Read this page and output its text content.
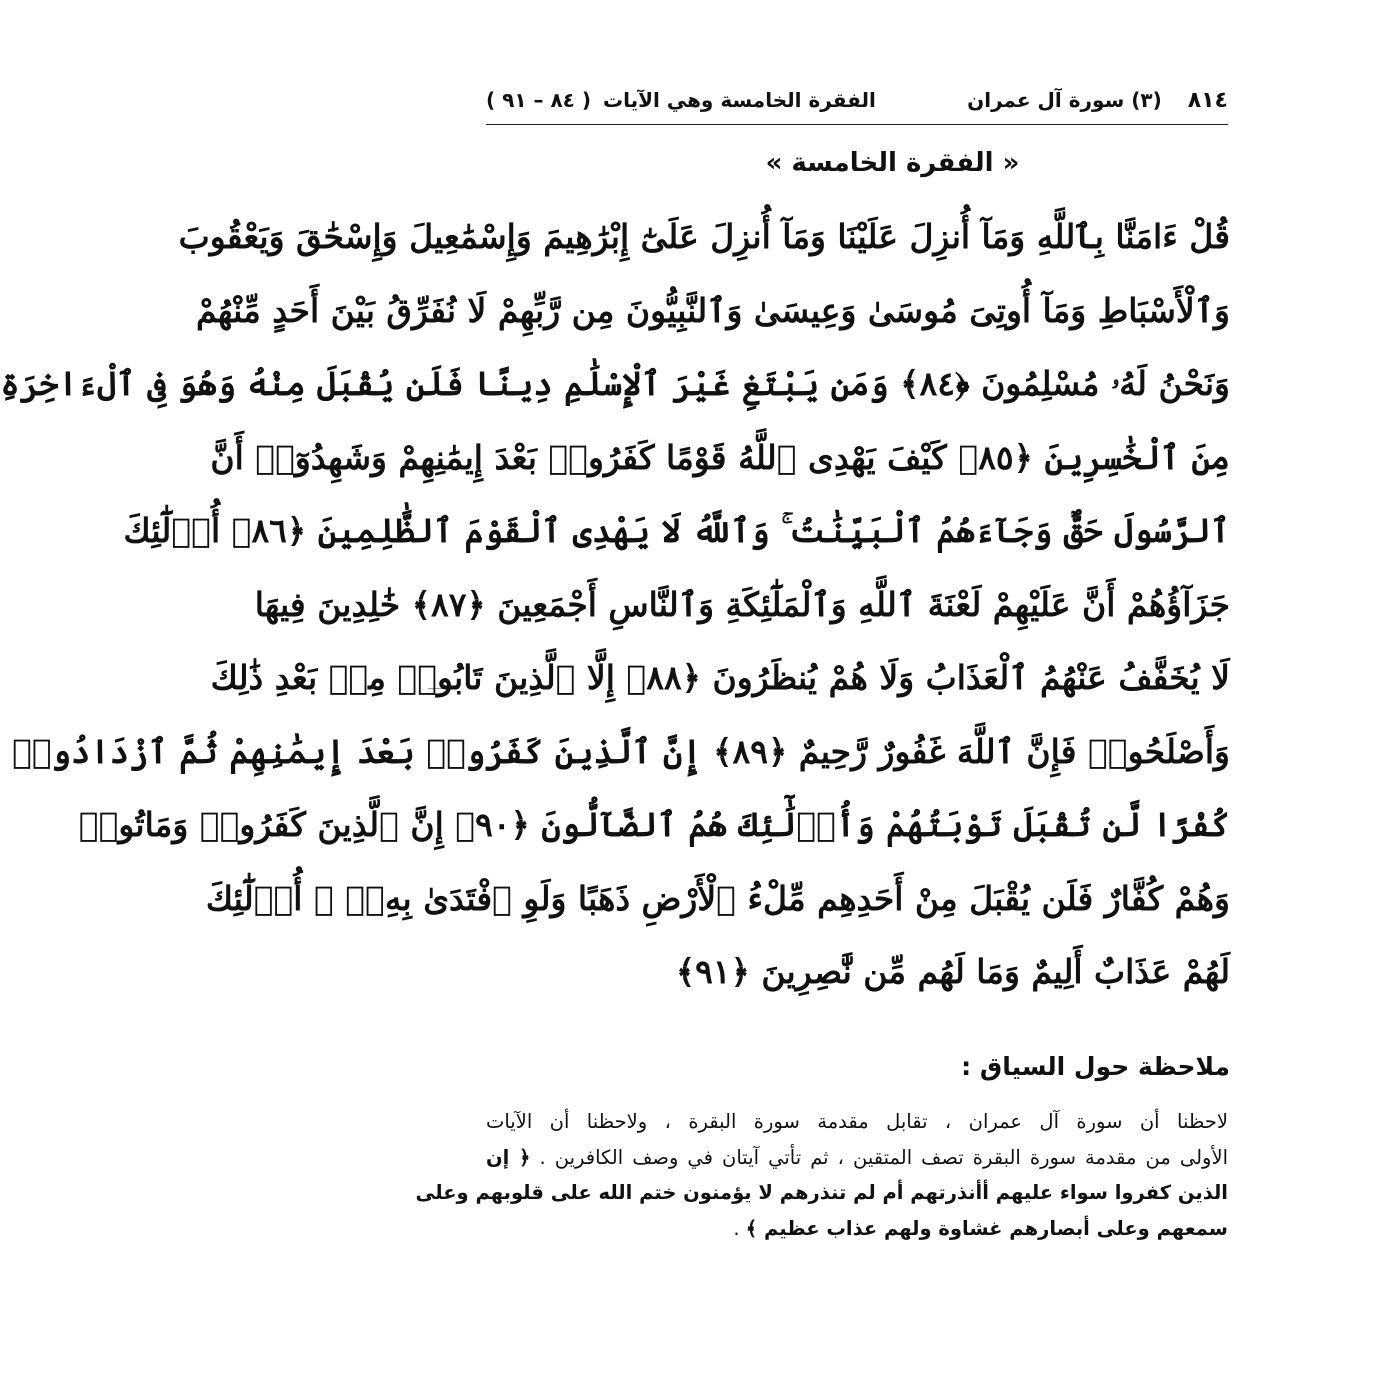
٨١٤
(٣) سورة آل عمران
الفقرة الخامسة وهي الآيات
( ٨٤ – ٩١ )
« الفقرة الخامسة »
قُلْ ءَامَنَّا بِٱللَّهِ وَمَآ أُنزِلَ عَلَيْنَا وَمَآ أُنزِلَ عَلَىٰٓ إِبْرَٰهِيمَ وَإِسْمَٰعِيلَ وَإِسْحَٰقَ وَيَعْقُوبَ
وَٱلْأَسْبَاطِ وَمَآ أُوتِىَ مُوسَىٰ وَعِيسَىٰ وَٱلنَّبِيُّونَ مِن رَّبِّهِمْ لَا نُفَرِّقُ بَيْنَ أَحَدٍ مِّنْهُمْ
وَنَحْنُ لَهُۥ مُسْلِمُونَ ﴿٨٤﴾ وَمَن يَبْتَغِ غَيْرَ ٱلْإِسْلَٰمِ دِينًا فَلَن يُقْبَلَ مِنْهُ وَهُوَ فِى ٱلْءَاخِرَةِ
مِنَ ٱلْخَٰسِرِينَ ﴿٨٥﴾ كَيْفَ يَهْدِى ٱللَّهُ قَوْمًا كَفَرُوا۟ بَعْدَ إِيمَٰنِهِمْ وَشَهِدُوٓا۟ أَنَّ
ٱلرَّسُولَ حَقٌّ وَجَآءَهُمُ ٱلْبَيِّنَٰتُ ۚ وَٱللَّهُ لَا يَهْدِى ٱلْقَوْمَ ٱلظَّٰلِمِينَ ﴿٨٦﴾ أُو۟لَٰٓئِكَ
جَزَآؤُهُمْ أَنَّ عَلَيْهِمْ لَعْنَةَ ٱللَّهِ وَٱلْمَلَٰٓئِكَةِ وَٱلنَّاسِ أَجْمَعِينَ ﴿٨٧﴾ خَٰلِدِينَ فِيهَا
لَا يُخَفَّفُ عَنْهُمُ ٱلْعَذَابُ وَلَا هُمْ يُنظَرُونَ ﴿٨٨﴾ إِلَّا ٱلَّذِينَ تَابُوا۟ مِنۢ بَعْدِ ذَٰلِكَ
وَأَصْلَحُوا۟ فَإِنَّ ٱللَّهَ غَفُورٌ رَّحِيمٌ ﴿٨٩﴾ إِنَّ ٱلَّذِينَ كَفَرُوا۟ بَعْدَ إِيمَٰنِهِمْ ثُمَّ ٱزْدَادُوا۟
كُفْرًا لَّن تُقْبَلَ تَوْبَتُهُمْ وَأُو۟لَٰٓئِكَ هُمُ ٱلضَّآلُّونَ ﴿٩٠﴾ إِنَّ ٱلَّذِينَ كَفَرُوا۟ وَمَاتُوا۟
وَهُمْ كُفَّارٌ فَلَن يُقْبَلَ مِنْ أَحَدِهِم مِّلْءُ ٱلْأَرْضِ ذَهَبًا وَلَوِ ٱفْتَدَىٰ بِهِۦٓ ۗ أُو۟لَٰٓئِكَ
لَهُمْ عَذَابٌ أَلِيمٌ وَمَا لَهُم مِّن نَّٰصِرِينَ ﴿٩١﴾
ملاحظة حول السياق :
لاحظنا أن سورة آل عمران ، تقابل مقدمة سورة البقرة ، ولاحظنا أن الآيات
الأولى من مقدمة سورة البقرة تصف المتقين ، ثم تأتي آيتان في وصف الكافرين . ﴿ إن
الذين كفروا سواء عليهم أأنذرتهم أم لم تنذرهم لا يؤمنون ختم الله على قلوبهم وعلى
سمعهم وعلى أبصارهم غشاوة ولهم عذاب عظيم ﴾ .
